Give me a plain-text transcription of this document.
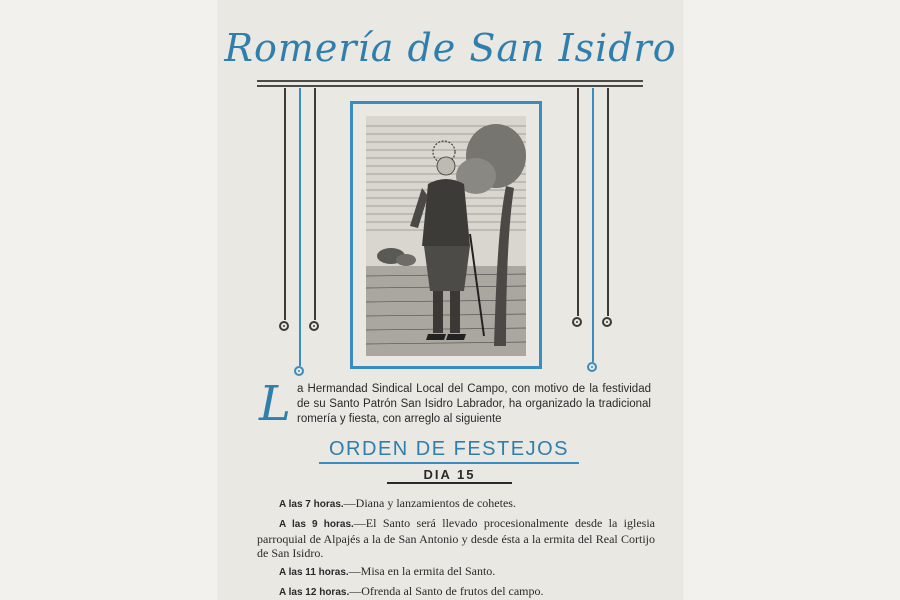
Romería de San Isidro
L a Hermandad Sindical Local del Campo, con motivo de la festividad de su Santo Patrón San Isidro Labrador, ha organizado la tradicional romería y fiesta, con arreglo al siguiente
ORDEN DE FESTEJOS
DIA 15
A las 7 horas.—Diana y lanzamientos de cohetes.
A las 9 horas.—El Santo será llevado procesionalmente desde la iglesia parroquial de Alpajés a la de San Antonio y desde ésta a la ermita del Real Cortijo de San Isidro.
A las 11 horas.—Misa en la ermita del Santo.
A las 12 horas.—Ofrenda al Santo de frutos del campo.
